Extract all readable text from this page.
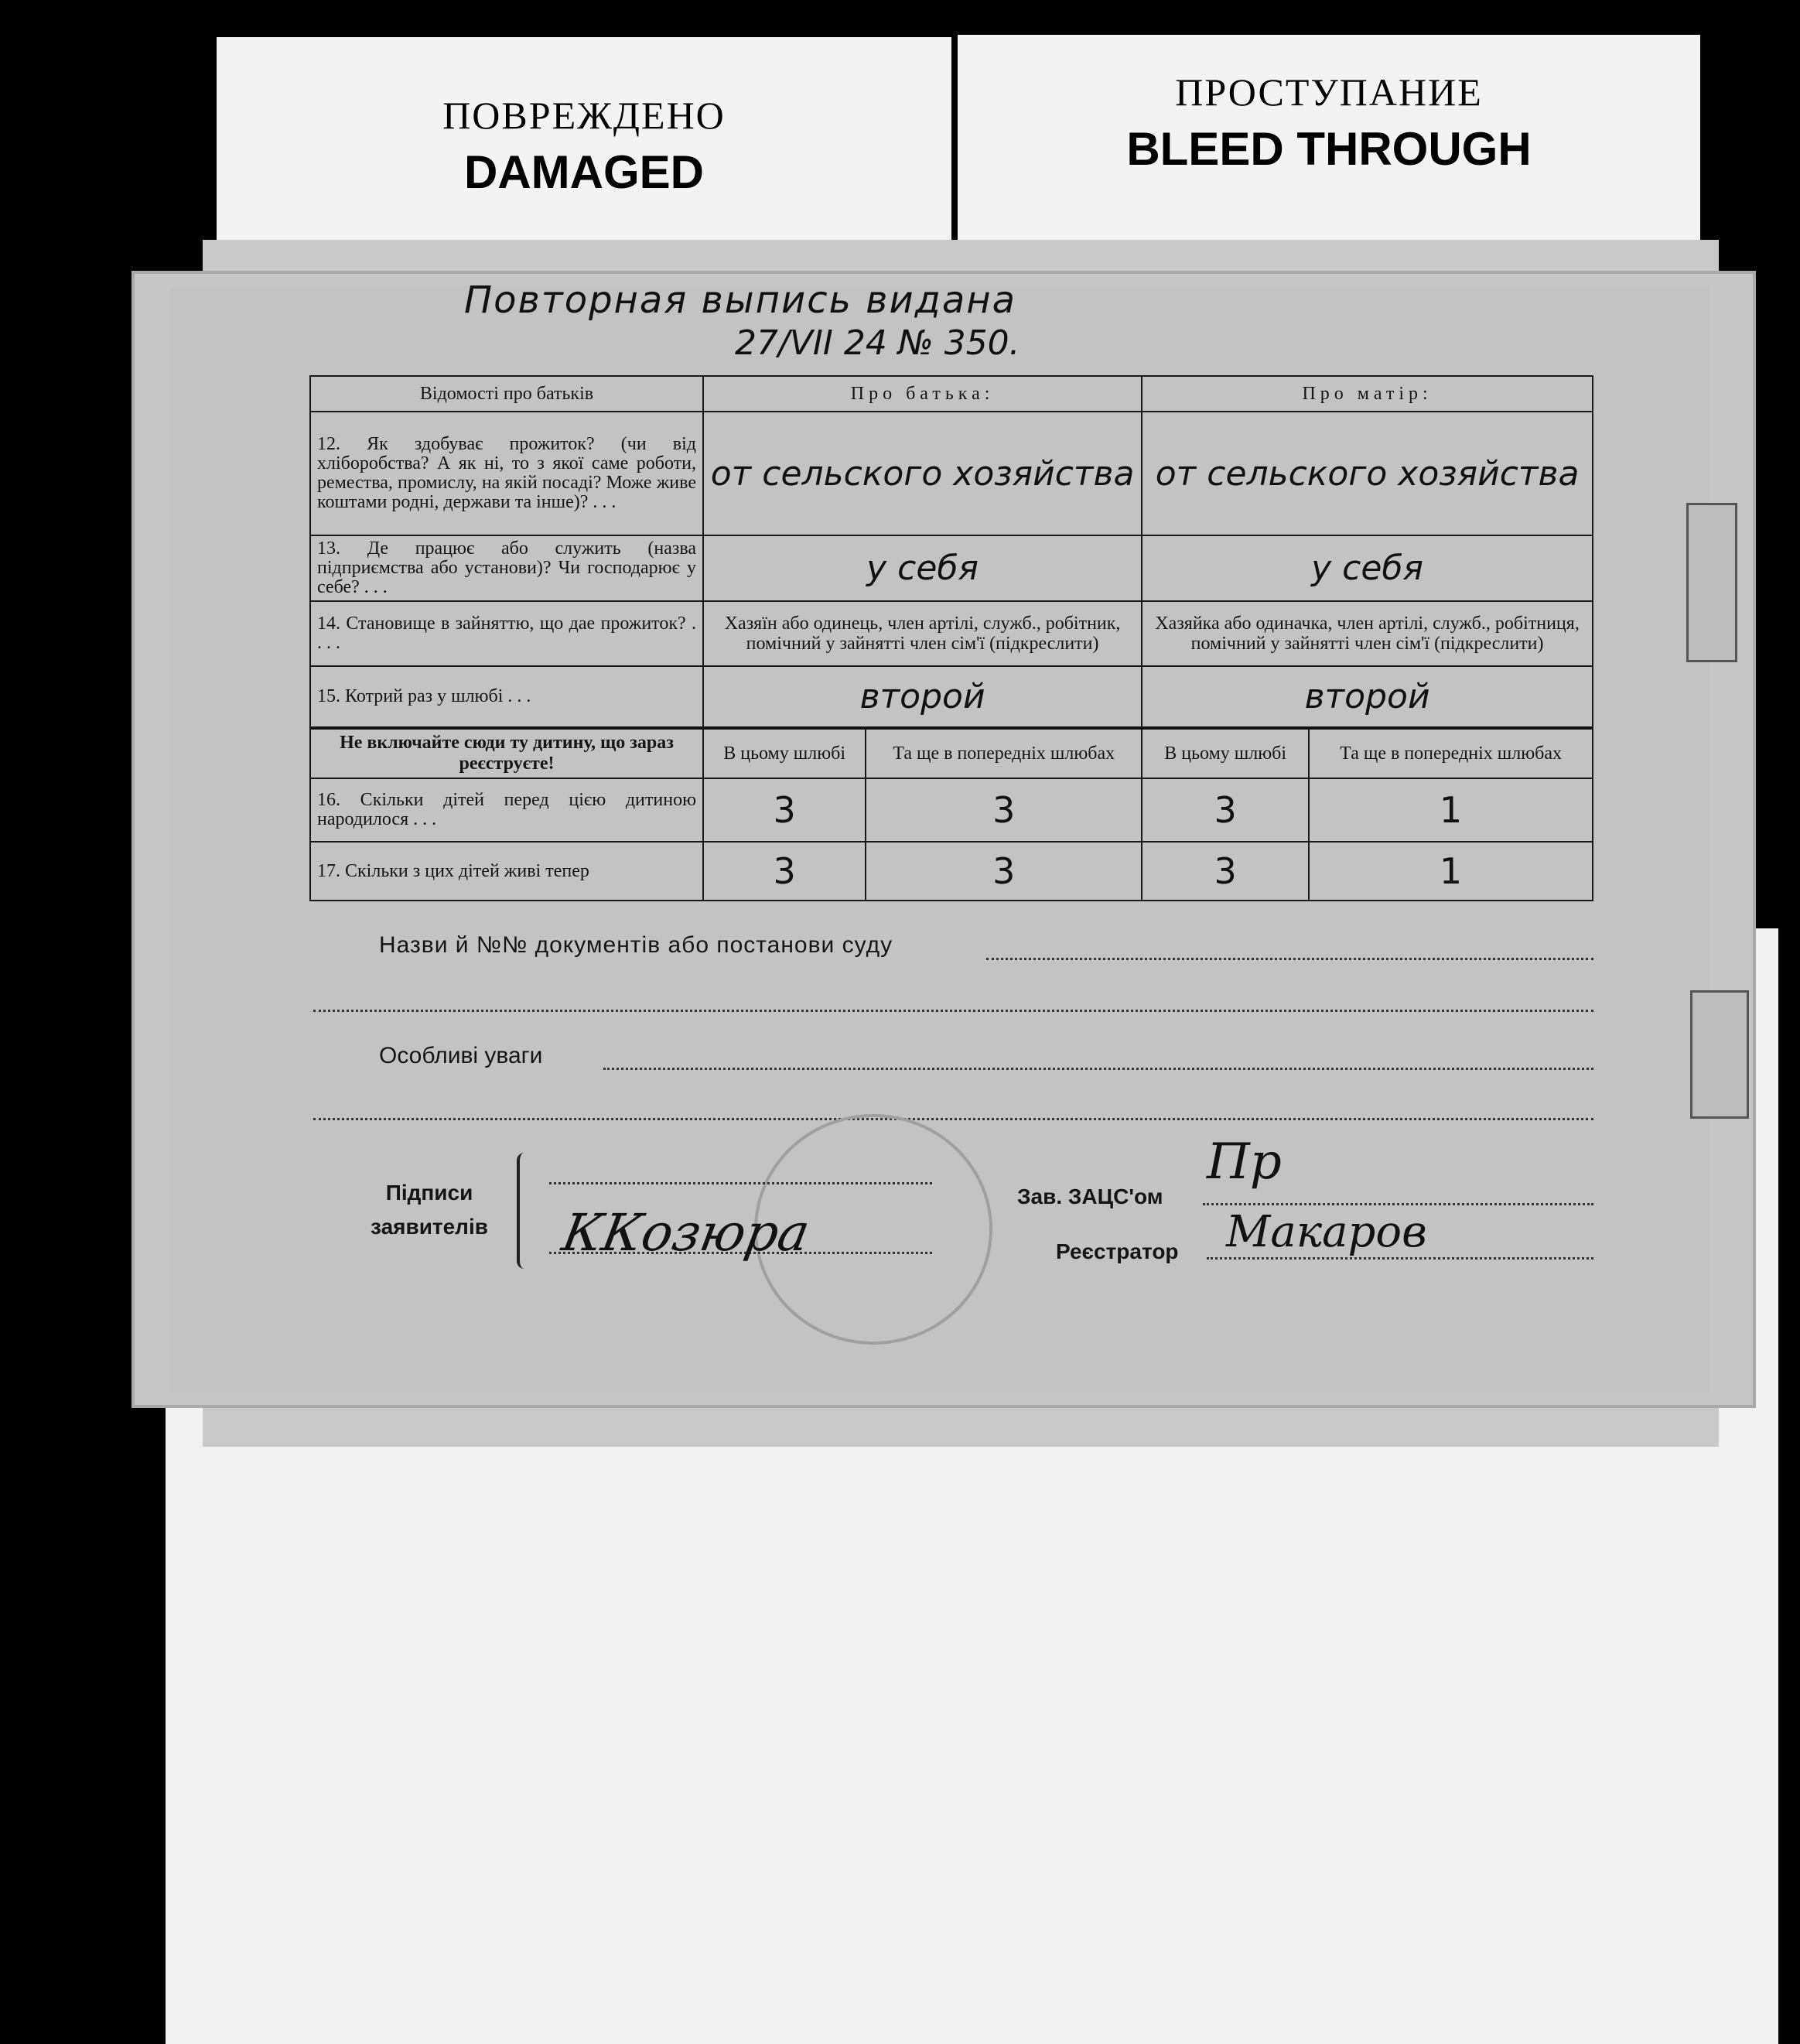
ПОВРЕЖДЕНО
DAMAGED
ПРОСТУПАНИЕ
BLEED THROUGH
Повторная выпись видана
27/VII 24 № 350.
Відомості про батьків	Про батька:		Про матір:	
12. Як здобуває прожиток? (чи від хліборобства? А як ні, то з якої саме роботи, ремества, промислу, на якій посаді? Може живе коштами родні, держави та інше)? . . .	от сельского хозяйства		от сельского хозяйства	
13. Де працює або служить (назва підприємства або установи)? Чи господарює у себе? . . .	у себя		у себя	
14. Становище в зайняттю, що дае прожиток? . . . .	Хазяїн або одинець, член артілі, служб., робітник, помічний у зайнятті член сім'ї (підкреслити)		Хазяйка або одиначка, член артілі, служб., робітниця, помічний у зайнятті член сім'ї (підкреслити)	
15. Котрий раз у шлюбі . . .	второй		второй	
Не включайте сюди ту дитину, що зараз реєструєте!	В цьому шлюбі	Та ще в попередніх шлюбах	В цьому шлюбі	Та ще в попередніх шлюбах
16. Скільки дітей перед цією дитиною народилося . . .	3	3	3	1
17. Скільки з цих дітей живі тепер	3	3	3	1
Назви й №№ документів або постанови суду
Особливі уваги
Підписи заявителів ККозюра
Зав. ЗАЦС'ом
Пр
Реєстратор Макаров
